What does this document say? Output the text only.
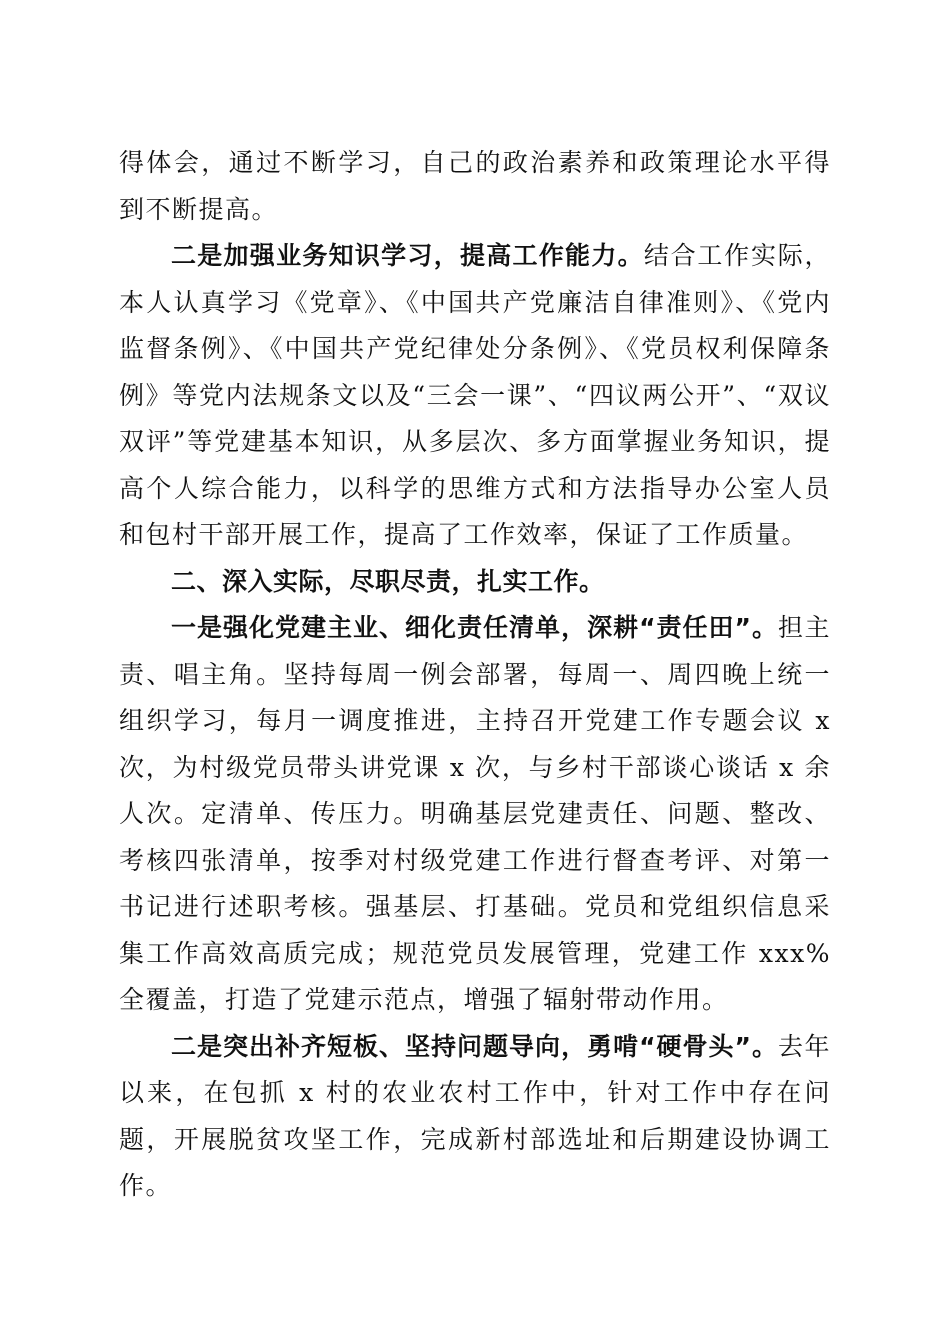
得体会，通过不断学习，自己的政治素养和政策理论水平得到不断提高。

二是加强业务知识学习，提高工作能力。结合工作实际，本人认真学习《党章》、《中国共产党廉洁自律准则》、《党内监督条例》、《中国共产党纪律处分条例》、《党员权利保障条例》等党内法规条文以及“三会一课”、“四议两公开”、“双议双评”等党建基本知识，从多层次、多方面掌握业务知识，提高个人综合能力，以科学的思维方式和方法指导办公室人员和包村干部开展工作，提高了工作效率，保证了工作质量。

二、深入实际，尽职尽责，扎实工作。

一是强化党建主业、细化责任清单，深耕“责任田”。担主责、唱主角。坚持每周一例会部署，每周一、周四晚上统一组织学习，每月一调度推进，主持召开党建工作专题会议 x 次，为村级党员带头讲党课 x 次，与乡村干部谈心谈话 x 余人次。定清单、传压力。明确基层党建责任、问题、整改、考核四张清单，按季对村级党建工作进行督查考评、对第一书记进行述职考核。强基层、打基础。党员和党组织信息采集工作高效高质完成；规范党员发展管理，党建工作 xxx%全覆盖，打造了党建示范点，增强了辐射带动作用。

二是突出补齐短板、坚持问题导向，勇啃“硬骨头”。去年以来，在包抓 x 村的农业农村工作中，针对工作中存在问题，开展脱贫攻坚工作，完成新村部选址和后期建设协调工作。
